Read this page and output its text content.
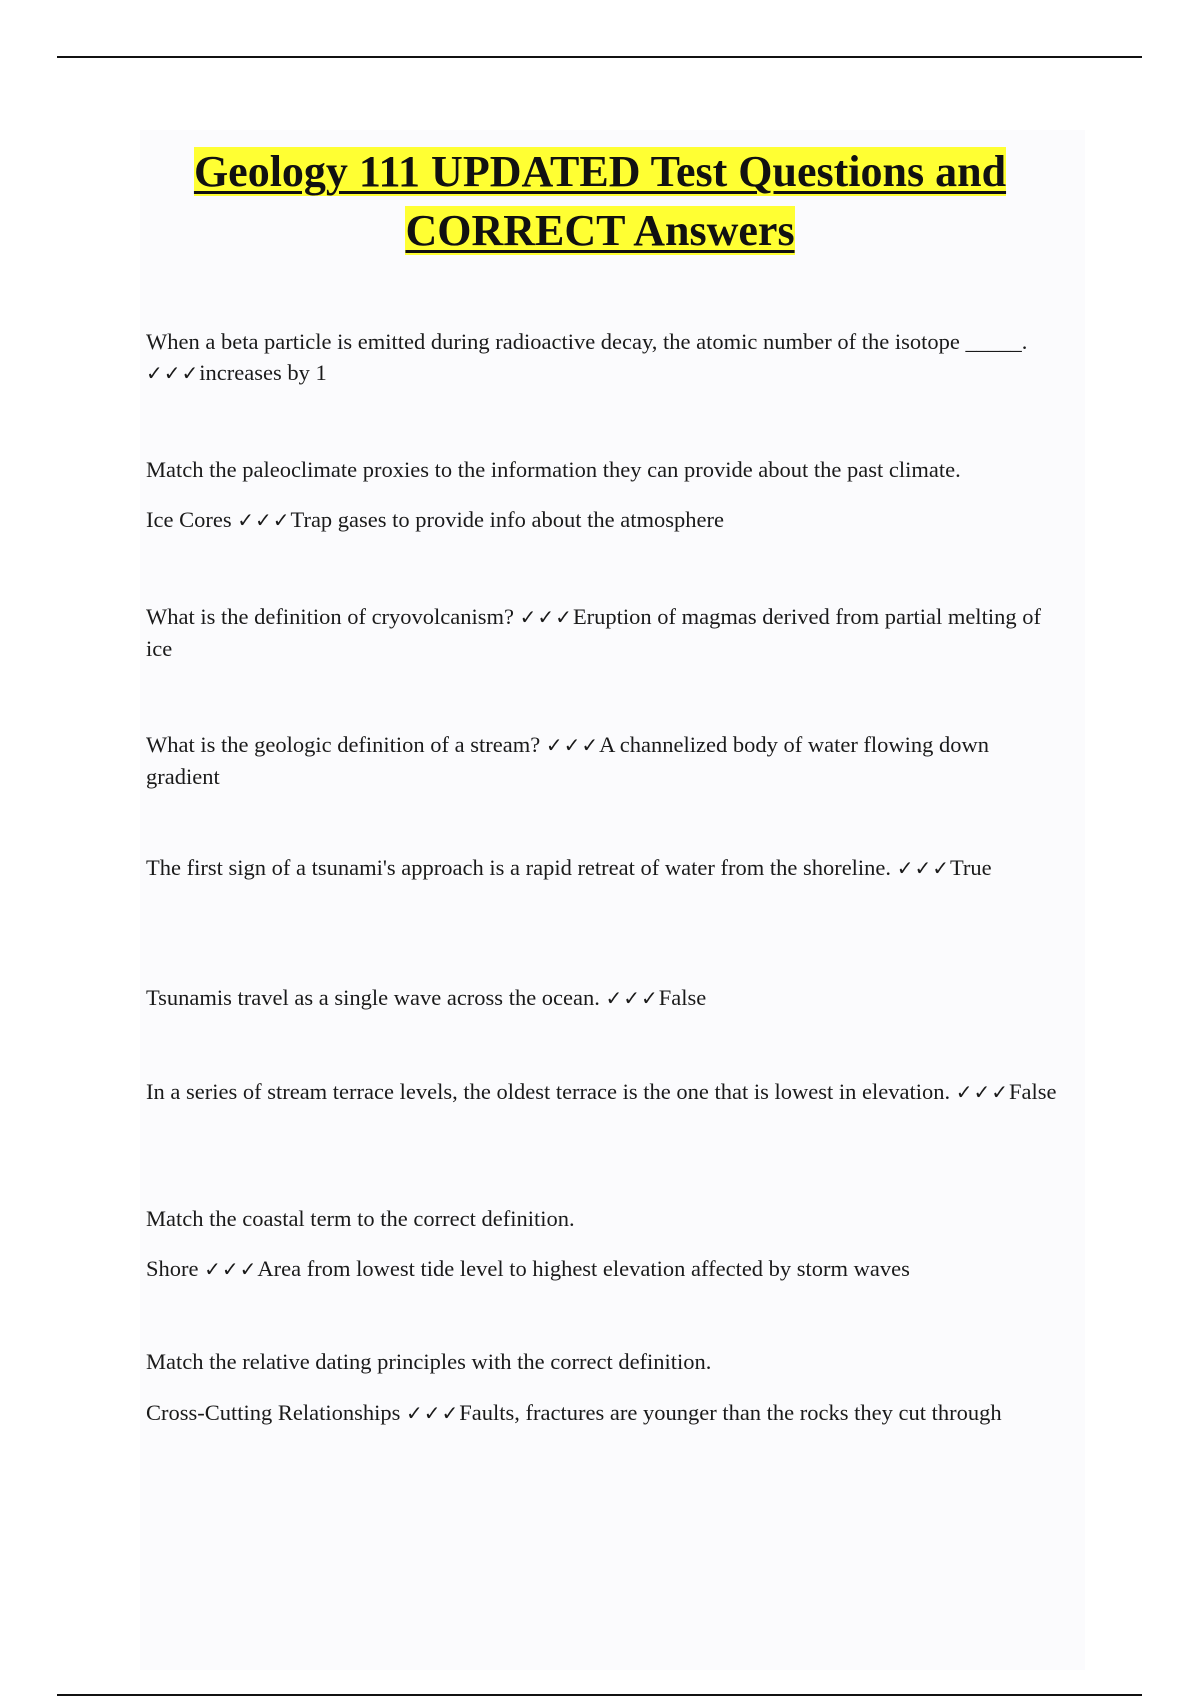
Geology 111 UPDATED Test Questions and
CORRECT Answers

When a beta particle is emitted during radioactive decay, the atomic number of the isotope _____. ✓✓✓increases by 1

Match the paleoclimate proxies to the information they can provide about the past climate.

Ice Cores ✓✓✓Trap gases to provide info about the atmosphere

What is the definition of cryovolcanism? ✓✓✓Eruption of magmas derived from partial melting of ice

What is the geologic definition of a stream? ✓✓✓A channelized body of water flowing down gradient

The first sign of a tsunami's approach is a rapid retreat of water from the shoreline. ✓✓✓True

Tsunamis travel as a single wave across the ocean. ✓✓✓False

In a series of stream terrace levels, the oldest terrace is the one that is lowest in elevation. ✓✓✓False

Match the coastal term to the correct definition.

Shore ✓✓✓Area from lowest tide level to highest elevation affected by storm waves

Match the relative dating principles with the correct definition.

Cross-Cutting Relationships ✓✓✓Faults, fractures are younger than the rocks they cut through
